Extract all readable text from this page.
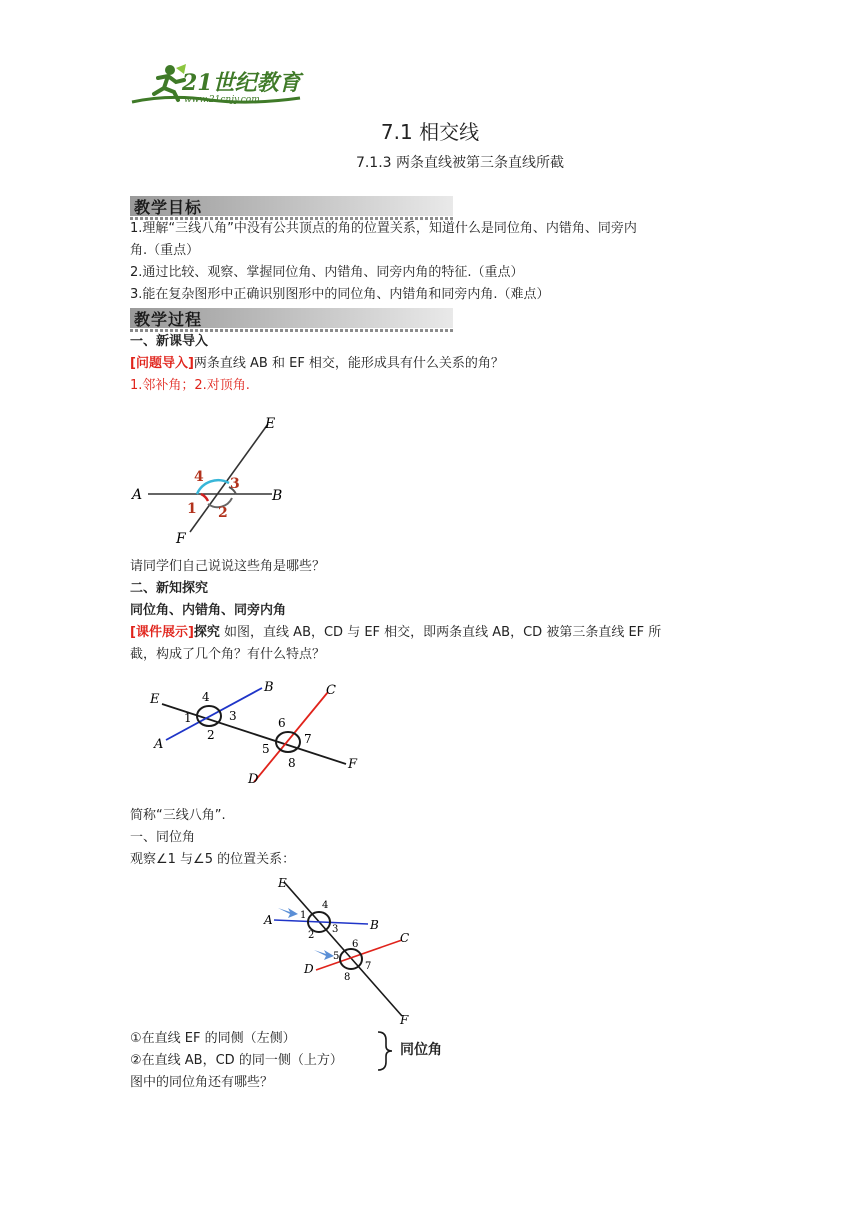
21世纪教育
www.21cnjy.com
7.1 相交线
7.1.3 两条直线被第三条直线所截
教学目标
1.理解“三线八角”中没有公共顶点的角的位置关系，知道什么是同位角、内错角、同旁内
角.（重点）
2.通过比较、观察、掌握同位角、内错角、同旁内角的特征.（重点）
3.能在复杂图形中正确识别图形中的同位角、内错角和同旁内角.（难点）
教学过程
一、新课导入
[问题导入]两条直线 AB 和 EF 相交，能形成具有什么关系的角？
1.邻补角；2.对顶角.
E
A	B
F
4 3
1 2
请同学们自己说说这些角是哪些？
二、新知探究
同位角、内错角、同旁内角
[课件展示]探究 如图，直线 AB，CD 与 EF 相交，即两条直线 AB，CD 被第三条直线 EF 所
截，构成了几个角？有什么特点？
E
B	C
A
D
F
4
1	3
2
6
5
7
8
简称“三线八角”.
一、同位角
观察∠1 与∠5 的位置关系：
E
A	B
C
D
F
4
1
3
2
6
5
7
8
①在直线 EF 的同侧（左侧）
②在直线 AB，CD 的同一侧（上方）
同位角
图中的同位角还有哪些？
